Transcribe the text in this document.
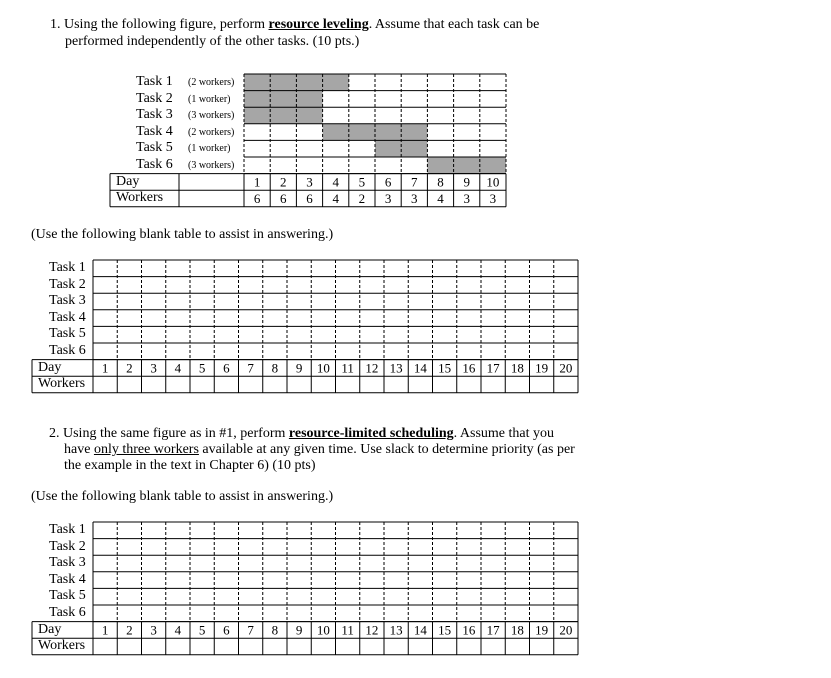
1. Using the following figure, perform resource leveling. Assume that each task can be
performed independently of the other tasks. (10 pts.)
1
6
2
6
3
6
4
4
5
2
6
3
7
3
8
4
9
3
10
3
Task 1 (2 workers)
Task 2 (1 worker)
Task 3 (3 workers)
Task 4 (2 workers)
Task 5 (1 worker)
Task 6 (3 workers)
Day
Workers
(Use the following blank table to assist in answering.)
1 2 3 4 5 6 7 8 9 10 11 12 13 14 15 16 17 18 19 20
Task 1
Task 2
Task 3
Task 4
Task 5
Task 6
Day
Workers
2. Using the same figure as in #1, perform resource-limited scheduling. Assume that you
have only three workers available at any given time. Use slack to determine priority (as per
the example in the text in Chapter 6) (10 pts)
(Use the following blank table to assist in answering.)
1 2 3 4 5 6 7 8 9 10 11 12 13 14 15 16 17 18 19 20
Task 1
Task 2
Task 3
Task 4
Task 5
Task 6
Day
Workers
